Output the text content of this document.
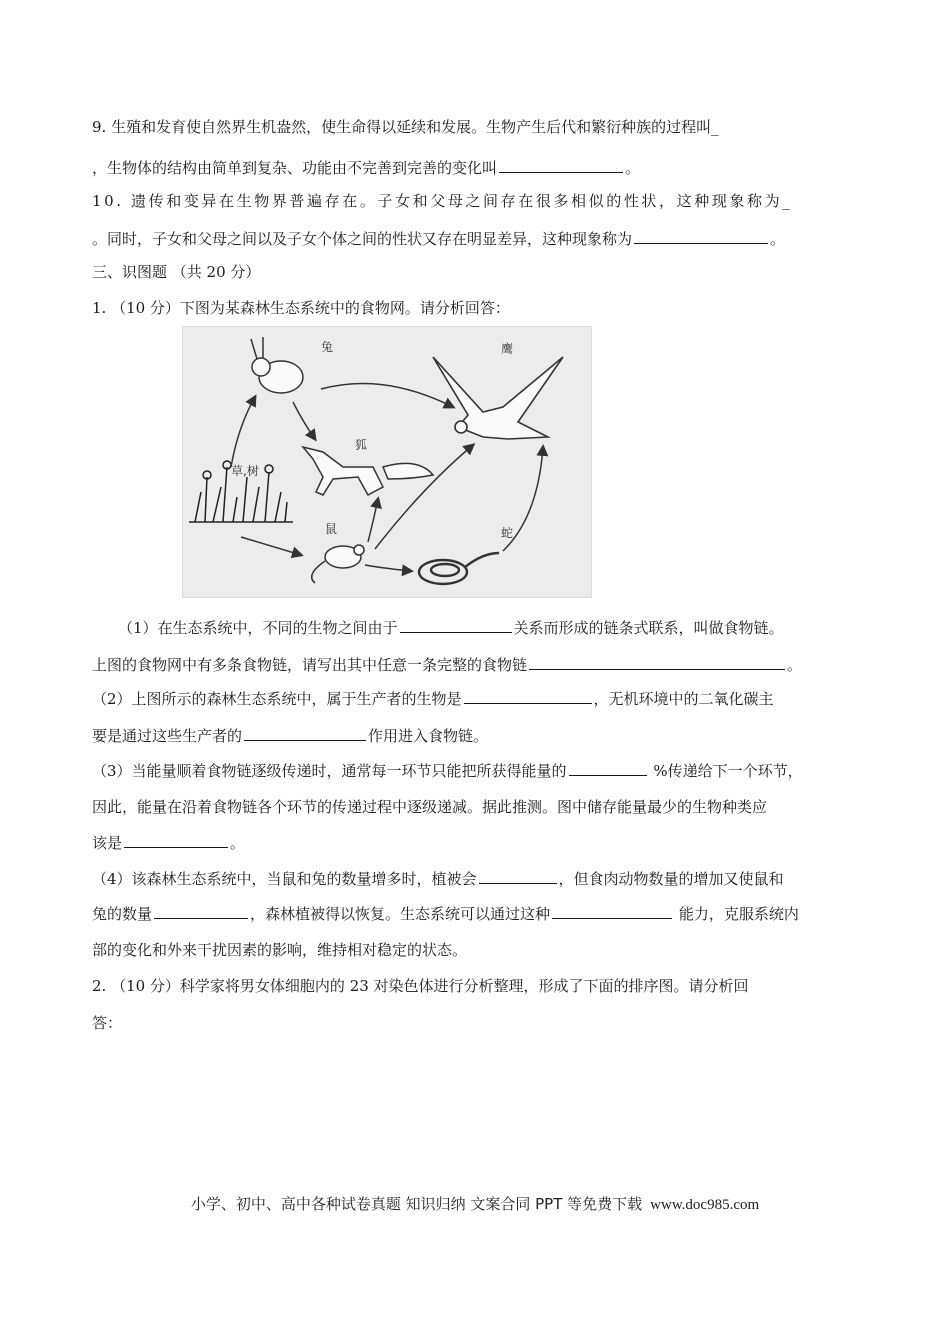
9. 生殖和发育使自然界生机盎然，使生命得以延续和发展。生物产生后代和繁衍种族的过程叫_
，生物体的结构由简单到复杂、功能由不完善到完善的变化叫	。
10. 遗传和变异在生物界普遍存在。子女和父母之间存在很多相似的性状，这种现象称为_
。同时，子女和父母之间以及子女个体之间的性状又存在明显差异，这种现象称为	。
三、识图题 （共 20 分）
1. （10 分）下图为某森林生态系统中的食物网。请分析回答：
兔	鹰
狐
草,树
鼠	蛇
（1）在生态系统中，不同的生物之间由于	关系而形成的链条式联系，叫做食物链。
上图的食物网中有多条食物链，请写出其中任意一条完整的食物链	。
（2）上图所示的森林生态系统中，属于生产者的生物是	，无机环境中的二氧化碳主
要是通过这些生产者的	作用进入食物链。
（3）当能量顺着食物链逐级传递时，通常每一环节只能把所获得能量的	%传递给下一个环节，
因此，能量在沿着食物链各个环节的传递过程中逐级递减。据此推测。图中储存能量最少的生物种类应
该是	。
（4）该森林生态系统中，当鼠和兔的数量增多时，植被会	，但食肉动物数量的增加又使鼠和
兔的数量	，森林植被得以恢复。生态系统可以通过这种	能力，克服系统内
部的变化和外来干扰因素的影响，维持相对稳定的状态。
2. （10 分）科学家将男女体细胞内的 23 对染色体进行分析整理，形成了下面的排序图。请分析回
答：
小学、初中、高中各种试卷真题 知识归纳 文案合同 PPT 等免费下载 www.doc985.com
